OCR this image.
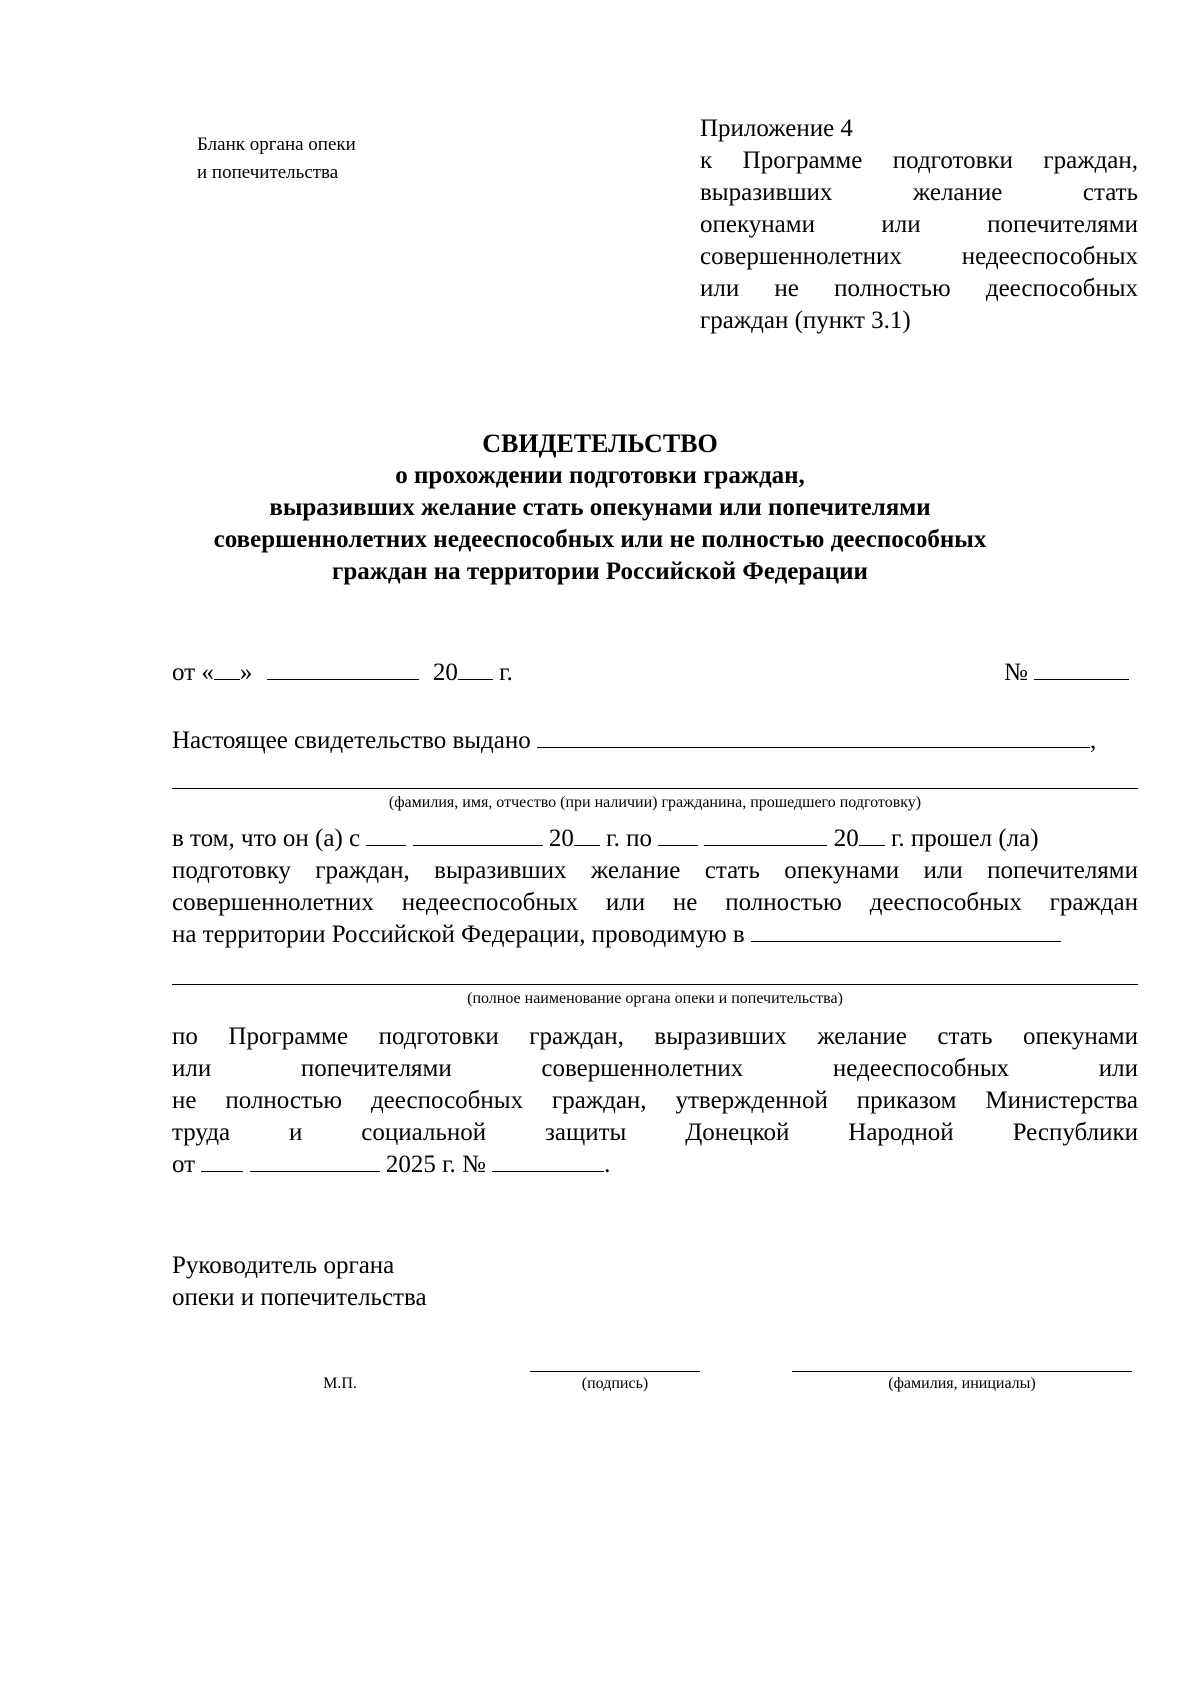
Бланк органа опеки
и попечительства
Приложение 4
к Программе подготовки граждан,
выразивших желание стать
опекунами или попечителями
совершеннолетних недееспособных
или не полностью дееспособных
граждан (пункт 3.1)
СВИДЕТЕЛЬСТВО
о прохождении подготовки граждан,
выразивших желание стать опекунами или попечителями
совершеннолетних недееспособных или не полностью дееспособных
граждан на территории Российской Федерации
от « »	20 г.	№
Настоящее свидетельство выдано	,
(фамилия, имя, отчество (при наличии) гражданина, прошедшего подготовку)
в том, что он (а) с	20 г. по	20 г. прошел (ла)
подготовку граждан, выразивших желание стать опекунами или попечителями
совершеннолетних недееспособных или не полностью дееспособных граждан
на территории Российской Федерации, проводимую в
(полное наименование органа опеки и попечительства)
по Программе подготовки граждан, выразивших желание стать опекунами
или попечителями совершеннолетних недееспособных или
не полностью дееспособных граждан, утвержденной приказом Министерства
труда и социальной защиты Донецкой Народной Республики
от	2025 г. №	.
Руководитель органа
опеки и попечительства
М.П.	(подпись)	(фамилия, инициалы)
